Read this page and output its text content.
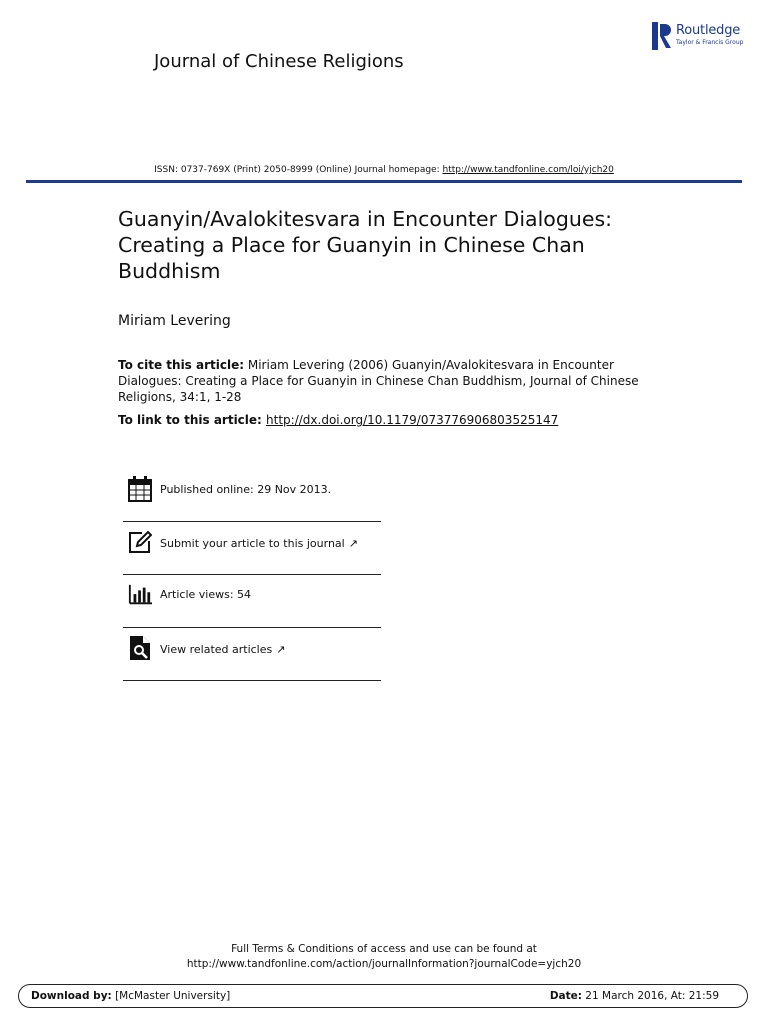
Routledge
Taylor & Francis Group
Journal of Chinese Religions
ISSN: 0737-769X (Print) 2050-8999 (Online) Journal homepage: http://www.tandfonline.com/loi/yjch20
Guanyin/Avalokitesvara in Encounter Dialogues:
Creating a Place for Guanyin in Chinese Chan
Buddhism
Miriam Levering
To cite this article: Miriam Levering (2006) Guanyin/Avalokitesvara in Encounter Dialogues: Creating a Place for Guanyin in Chinese Chan Buddhism, Journal of Chinese Religions, 34:1, 1-28
To link to this article: http://dx.doi.org/10.1179/073776906803525147
Published online: 29 Nov 2013.
Submit your article to this journal ↗
Article views: 54
View related articles ↗
Full Terms & Conditions of access and use can be found at
http://www.tandfonline.com/action/journalInformation?journalCode=yjch20
Download by: [McMaster University]	Date: 21 March 2016, At: 21:59
